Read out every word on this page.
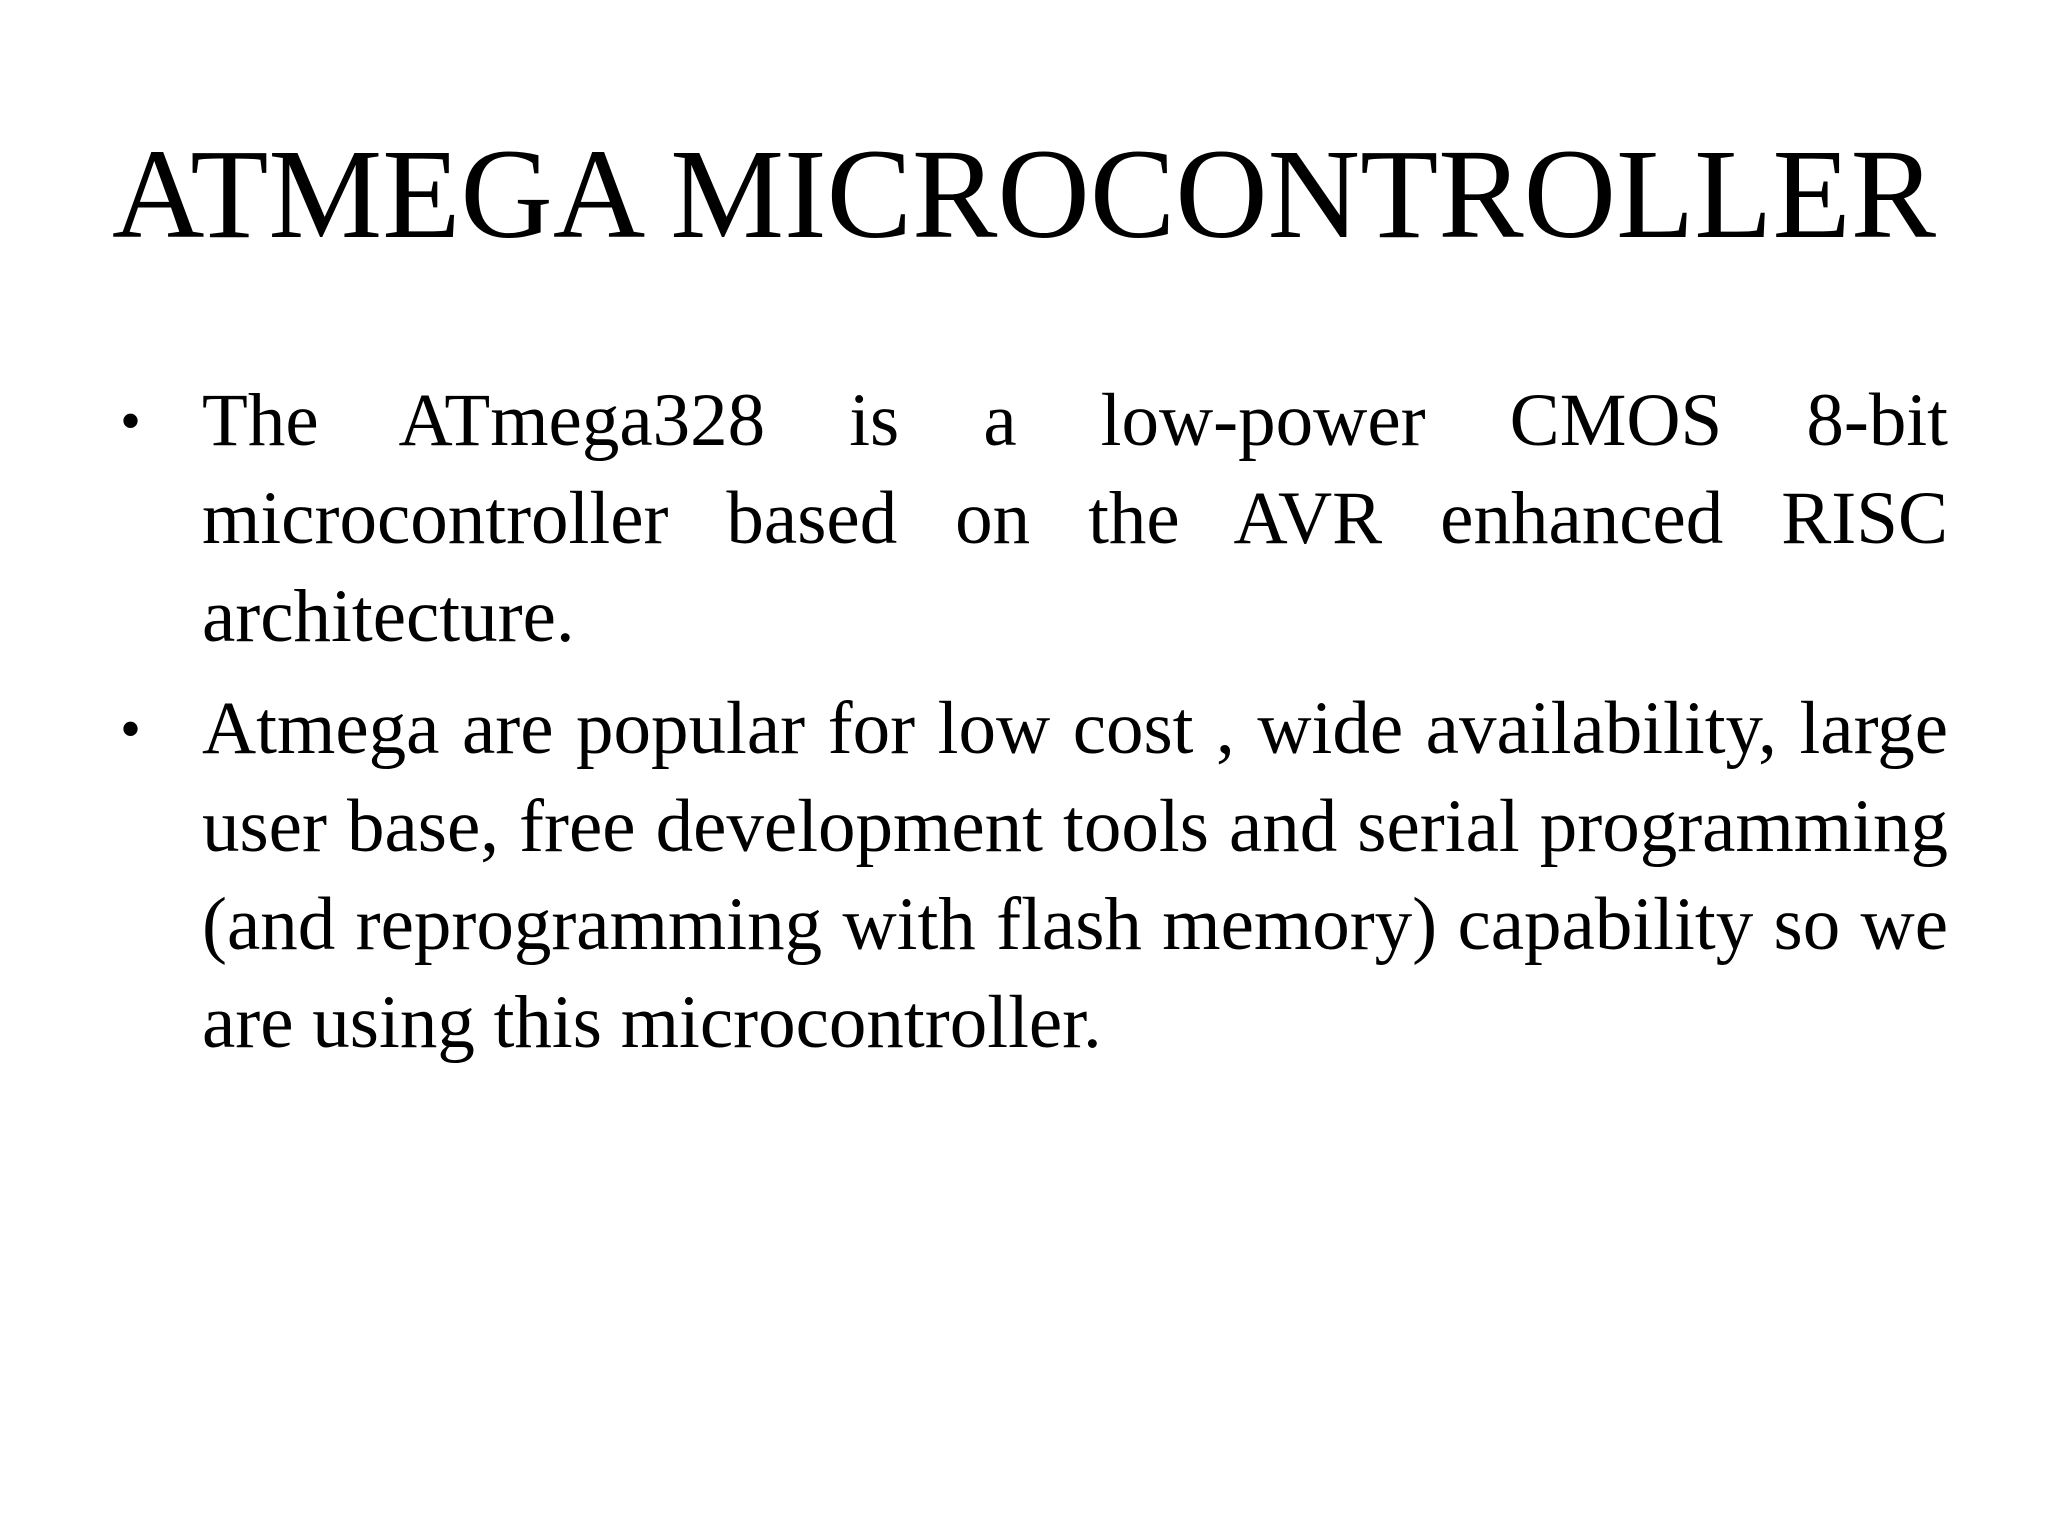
ATMEGA MICROCONTROLLER
• The ATmega328 is a low-power CMOS 8-bit microcontroller based on the AVR enhanced RISC architecture.
• Atmega are popular for low cost , wide availability, large user base, free development tools and serial programming (and reprogramming with flash memory) capability so we are using this microcontroller.
